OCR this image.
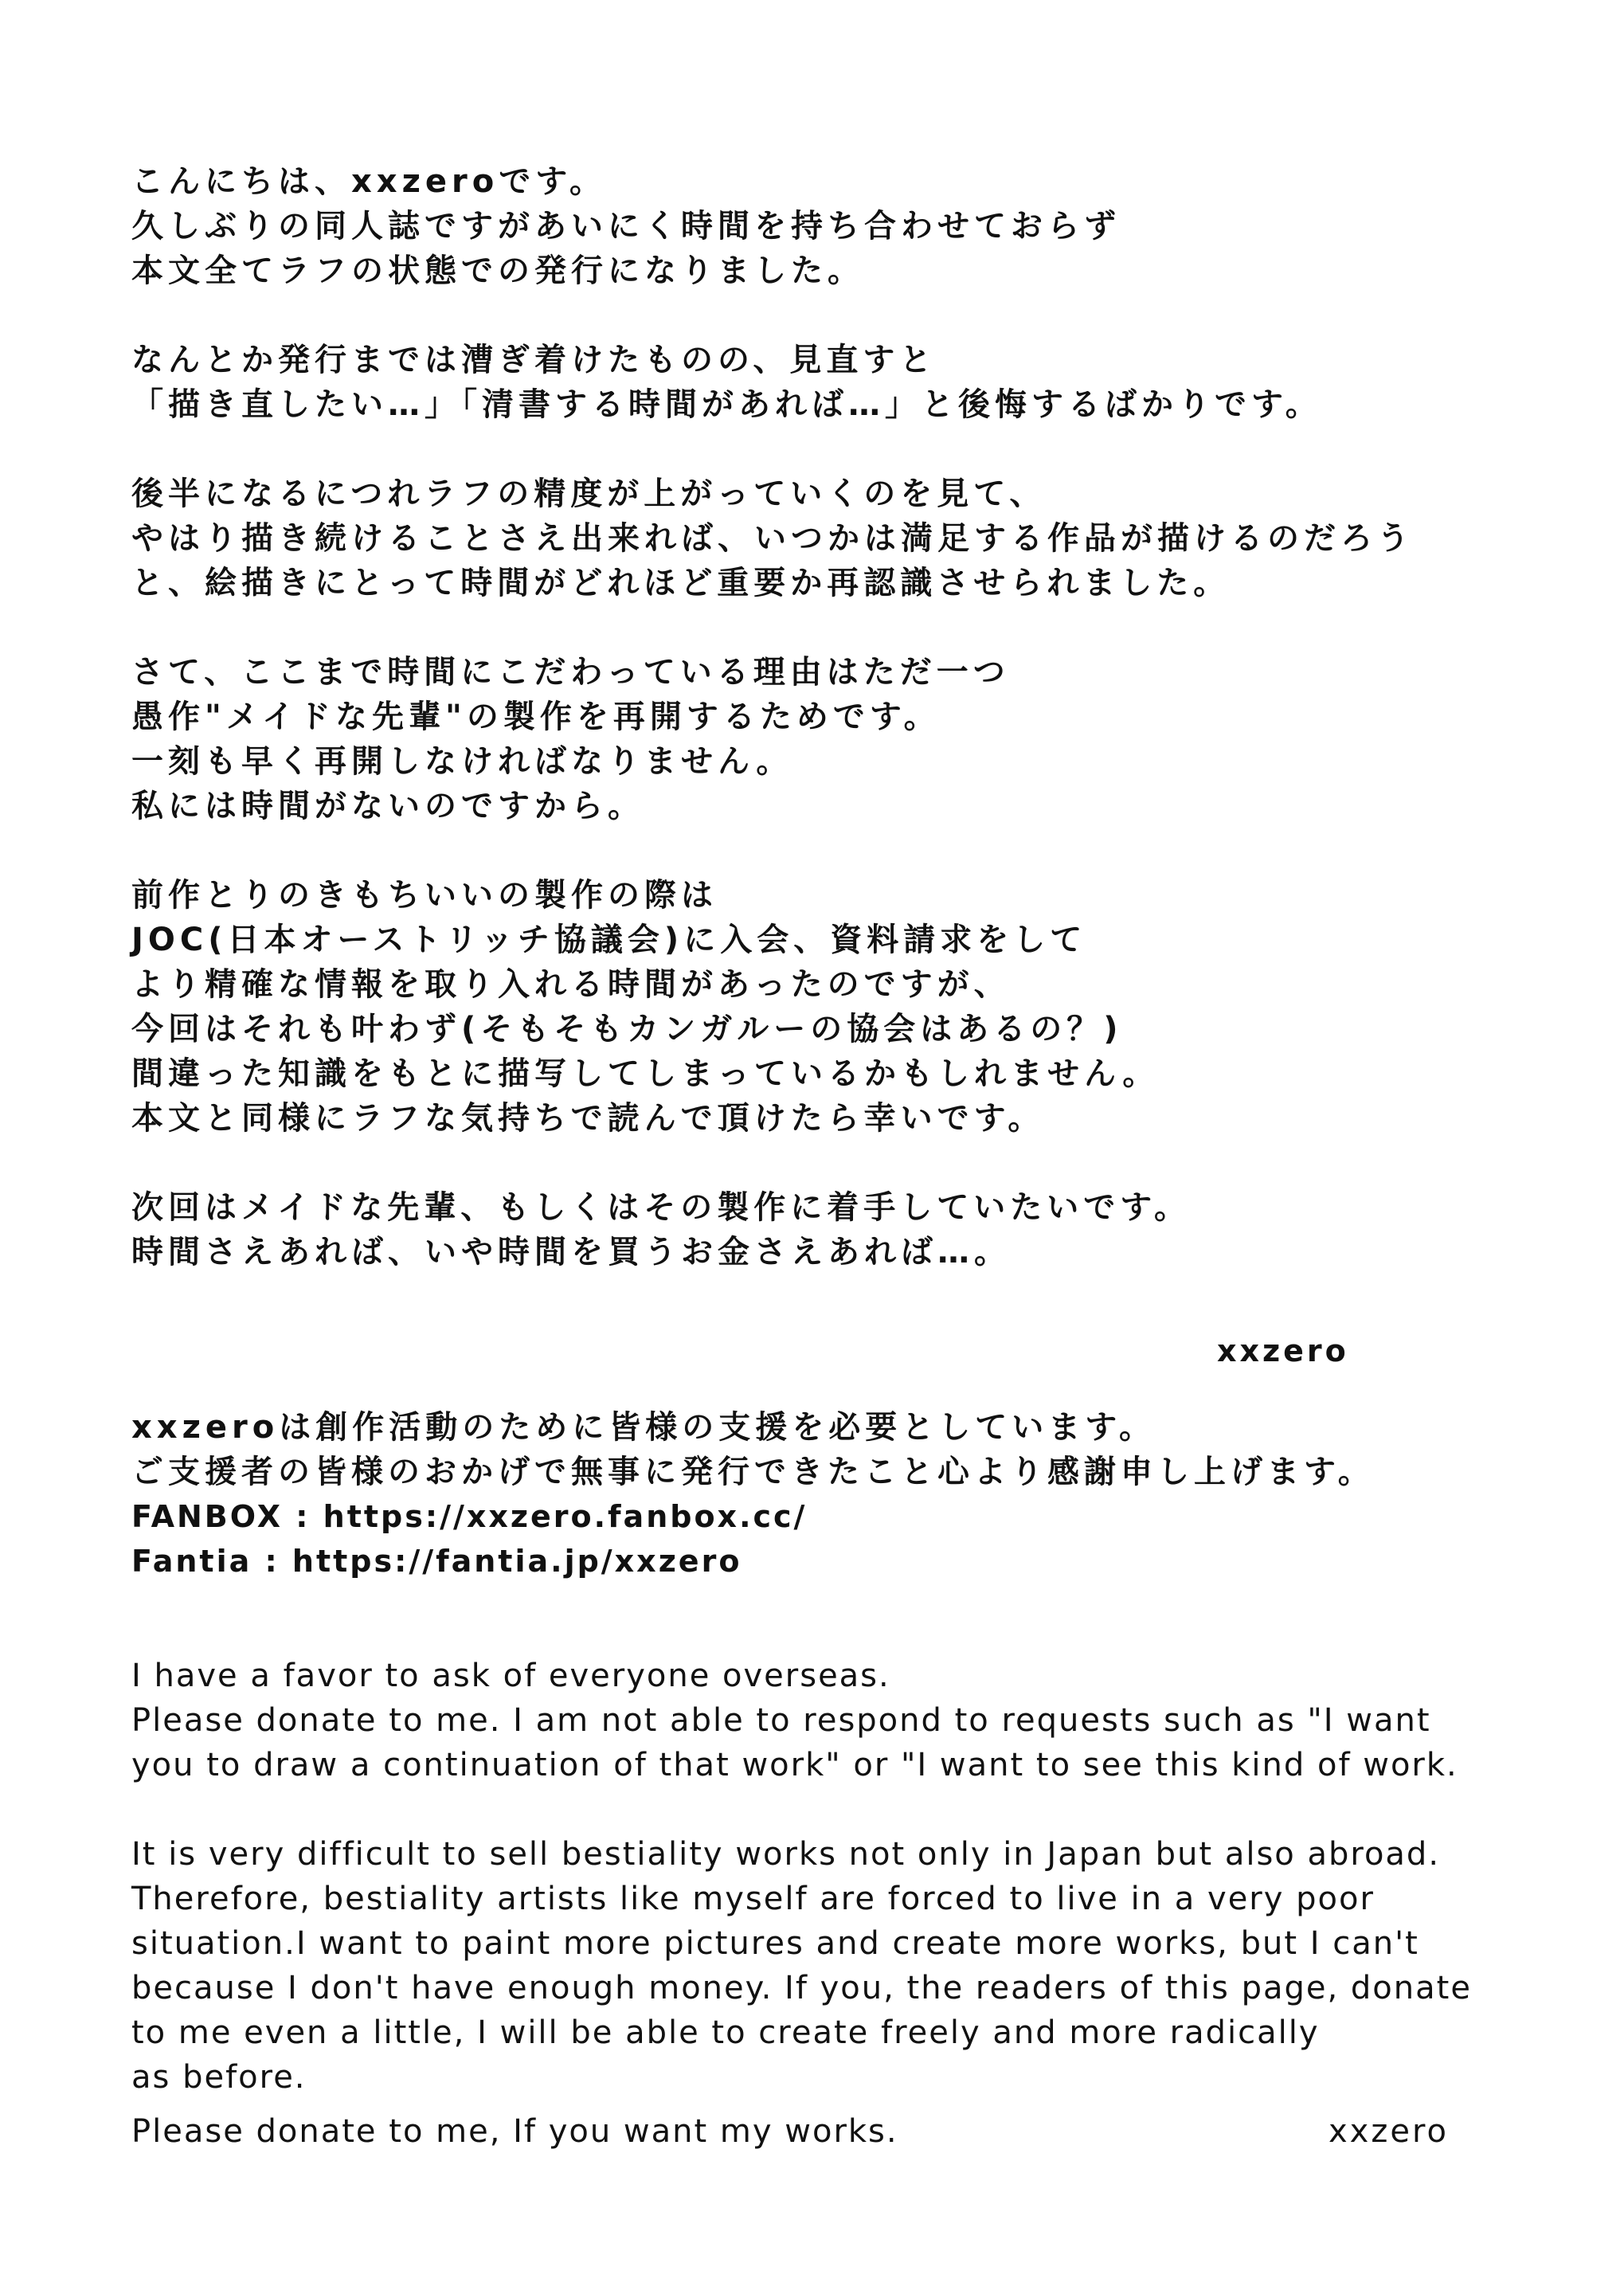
こんにちは、xxzeroです。
久しぶりの同人誌ですがあいにく時間を持ち合わせておらず
本文全てラフの状態での発行になりました。
なんとか発行までは漕ぎ着けたものの、見直すと
「描き直したい…」「清書する時間があれば…」と後悔するばかりです。
後半になるにつれラフの精度が上がっていくのを見て、
やはり描き続けることさえ出来れば、いつかは満足する作品が描けるのだろう
と、絵描きにとって時間がどれほど重要か再認識させられました。
さて、ここまで時間にこだわっている理由はただ一つ
愚作"メイドな先輩"の製作を再開するためです。
一刻も早く再開しなければなりません。
私には時間がないのですから。
前作とりのきもちいいの製作の際は
JOC(日本オーストリッチ協議会)に入会、資料請求をして
より精確な情報を取り入れる時間があったのですが、
今回はそれも叶わず(そもそもカンガルーの協会はあるの？)
間違った知識をもとに描写してしまっているかもしれません。
本文と同様にラフな気持ちで読んで頂けたら幸いです。
次回はメイドな先輩、もしくはその製作に着手していたいです。
時間さえあれば、いや時間を買うお金さえあれば…。
xxzero
xxzeroは創作活動のために皆様の支援を必要としています。
ご支援者の皆様のおかげで無事に発行できたこと心より感謝申し上げます。
FANBOX : https://xxzero.fanbox.cc/
Fantia : https://fantia.jp/xxzero
I have a favor to ask of everyone overseas.
Please donate to me. I am not able to respond to requests such as "I want
you to draw a continuation of that work" or "I want to see this kind of work.
It is very difficult to sell bestiality works not only in Japan but also abroad.
Therefore, bestiality artists like myself are forced to live in a very poor
situation.I want to paint more pictures and create more works, but I can't
because I don't have enough money. If you, the readers of this page, donate
to me even a little, I will be able to create freely and more radically
as before.
Please donate to me, If you want my works.	xxzero
